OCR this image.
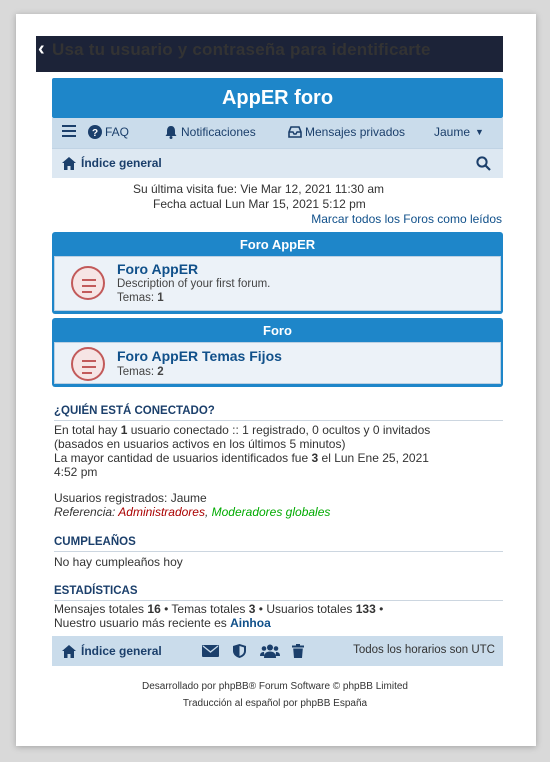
‹ Usa tu usuario y contraseña para identificarte
AppER foro
? FAQ	Notificaciones	Mensajes privados Jaume ▼
Índice general
Su última visita fue: Vie Mar 12, 2021 11:30 am
Fecha actual Lun Mar 15, 2021 5:12 pm
Marcar todos los Foros como leídos
Foro AppER
Foro AppER
Description of your first forum.
Temas: 1
Foro
Foro AppER Temas Fijos
Temas: 2
¿QUIÉN ESTÁ CONECTADO?
En total hay 1 usuario conectado :: 1 registrado, 0 ocultos y 0 invitados
(basados en usuarios activos en los últimos 5 minutos)
La mayor cantidad de usuarios identificados fue 3 el Lun Ene 25, 2021
4:52 pm
Usuarios registrados: Jaume
Referencia: Administradores, Moderadores globales
CUMPLEAÑOS
No hay cumpleaños hoy
ESTADÍSTICAS
Mensajes totales 16 • Temas totales 3 • Usuarios totales 133 •
Nuestro usuario más reciente es Ainhoa
Índice general	Todos los horarios son UTC
Desarrollado por phpBB® Forum Software © phpBB Limited
Traducción al español por phpBB España
